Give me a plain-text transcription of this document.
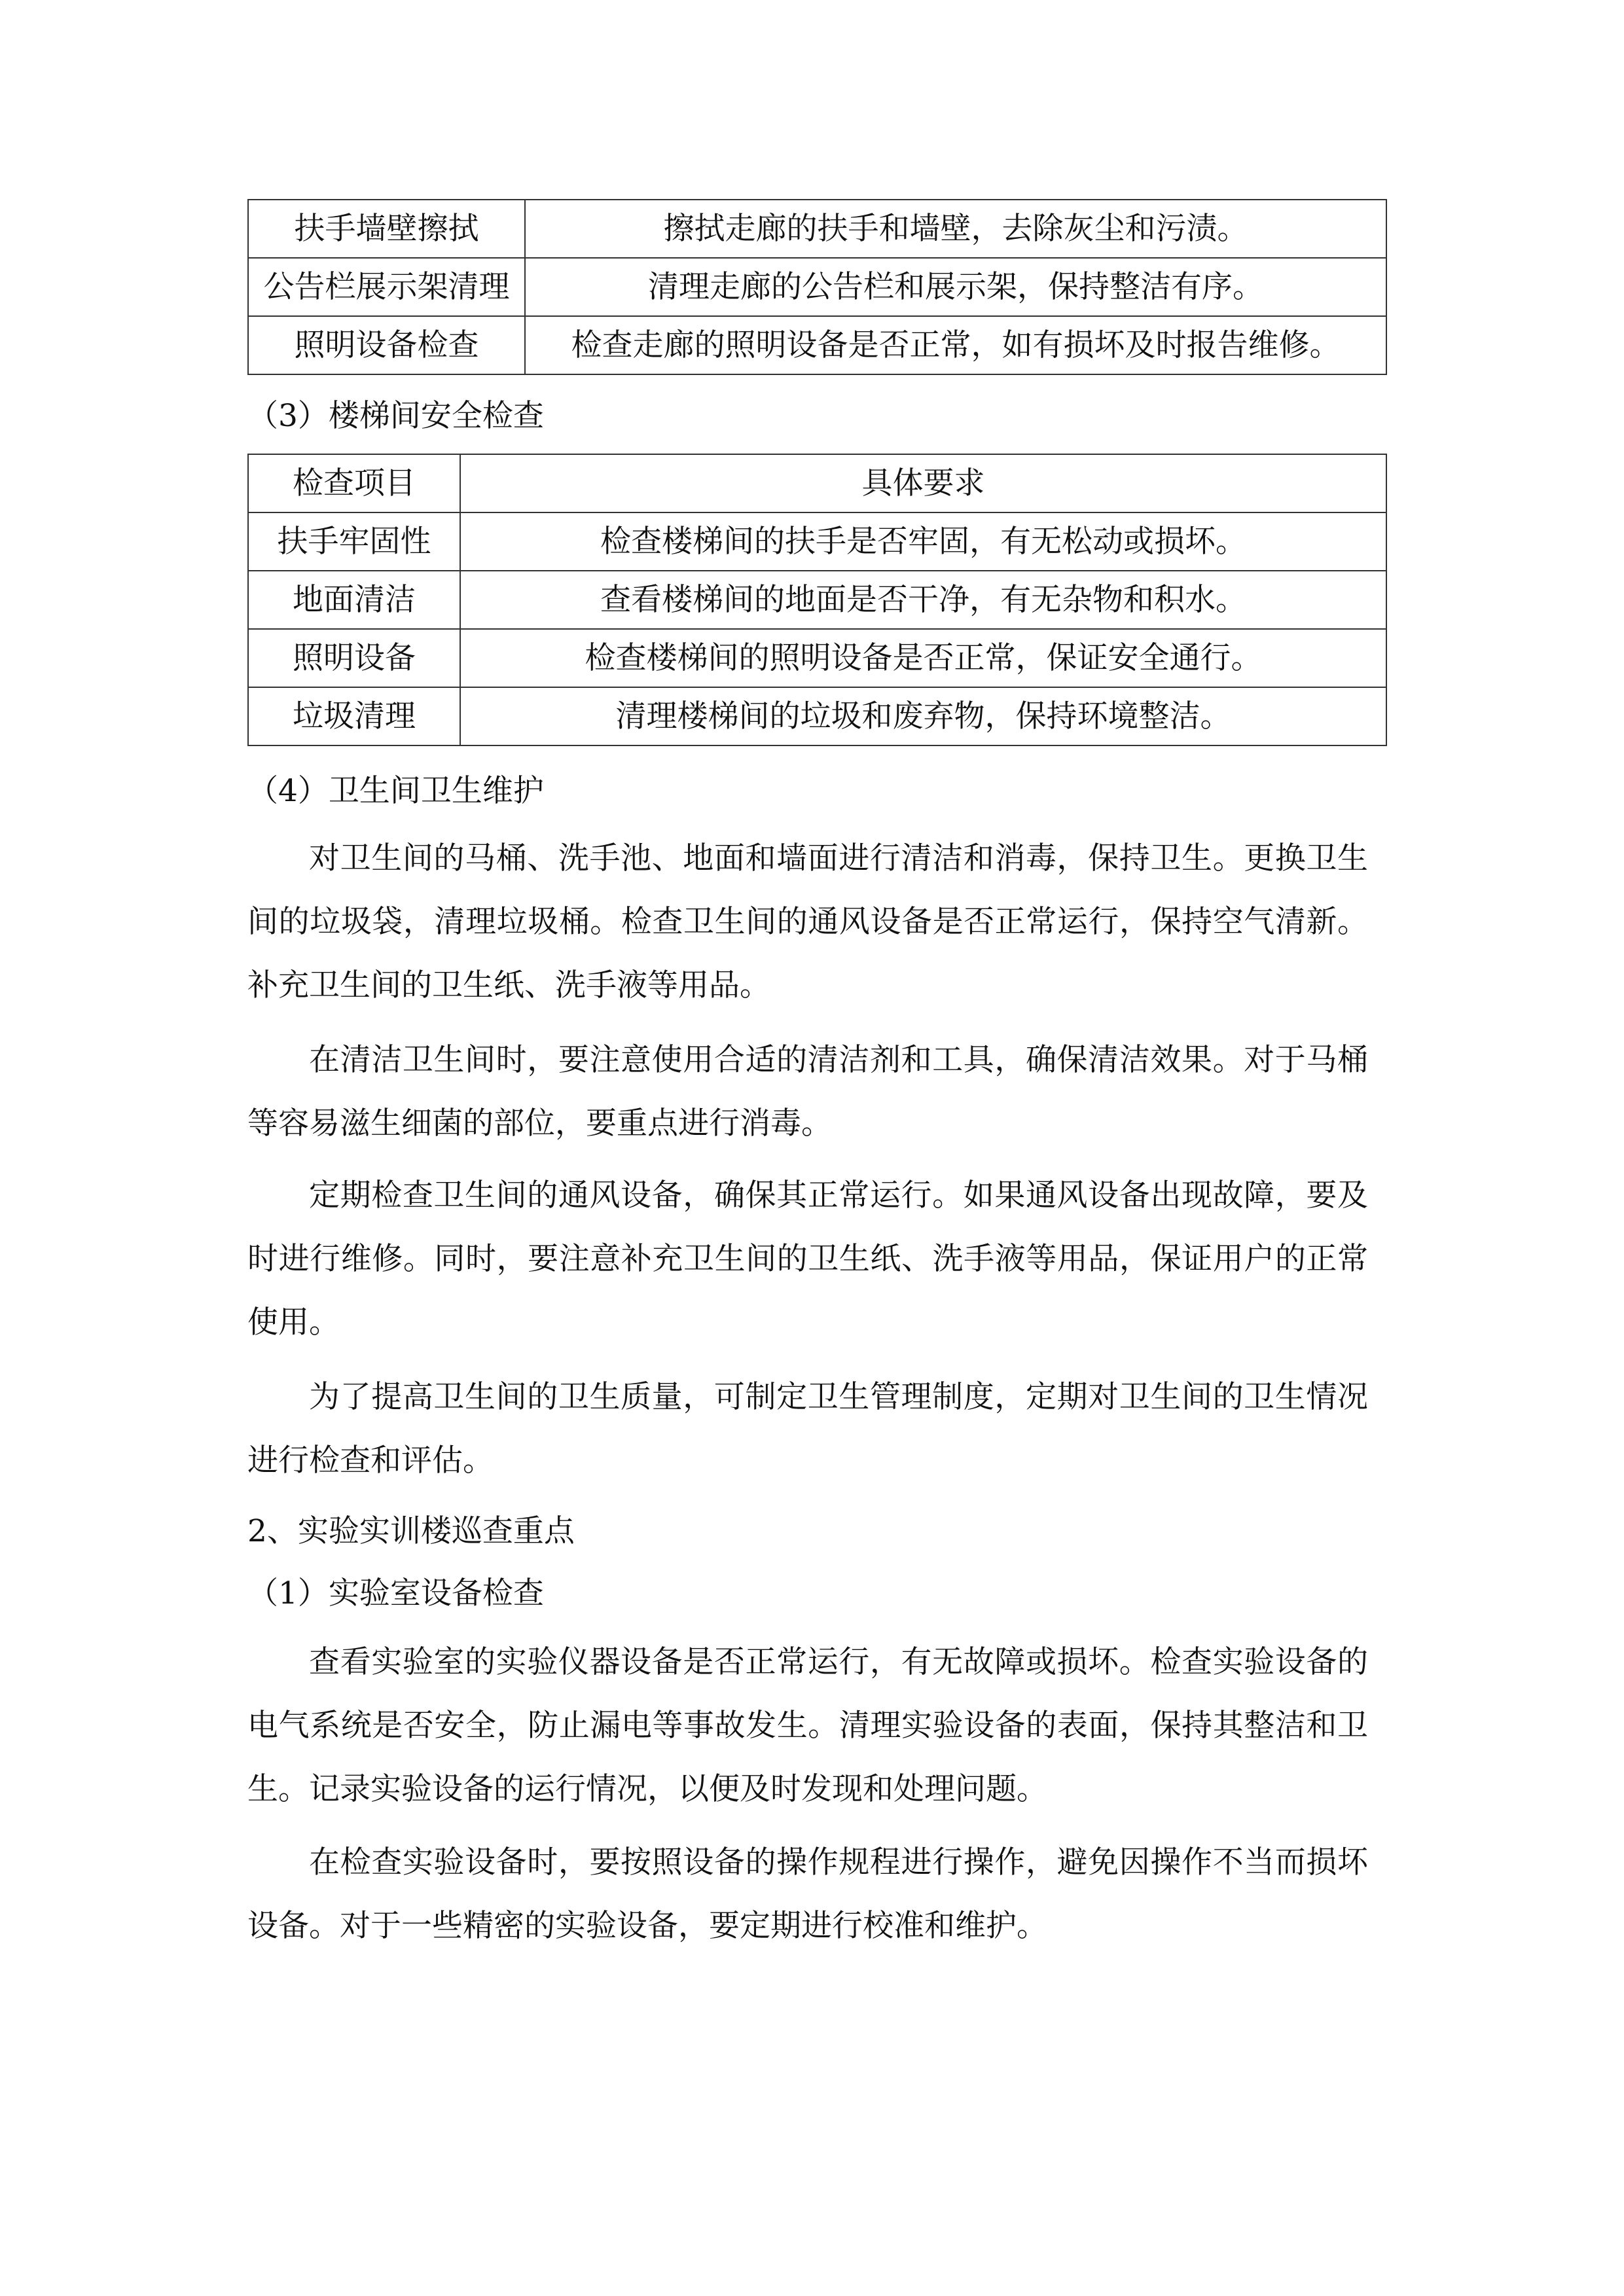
扶手墙壁擦拭	擦拭走廊的扶手和墙壁，去除灰尘和污渍。
公告栏展示架清理	清理走廊的公告栏和展示架，保持整洁有序。
照明设备检查	检查走廊的照明设备是否正常，如有损坏及时报告维修。
（3）楼梯间安全检查
检查项目	具体要求
扶手牢固性	检查楼梯间的扶手是否牢固，有无松动或损坏。
地面清洁	查看楼梯间的地面是否干净，有无杂物和积水。
照明设备	检查楼梯间的照明设备是否正常，保证安全通行。
垃圾清理	清理楼梯间的垃圾和废弃物，保持环境整洁。
（4）卫生间卫生维护

对卫生间的马桶、洗手池、地面和墙面进行清洁和消毒，保持卫生。更换卫生间的垃圾袋，清理垃圾桶。检查卫生间的通风设备是否正常运行，保持空气清新。补充卫生间的卫生纸、洗手液等用品。

在清洁卫生间时，要注意使用合适的清洁剂和工具，确保清洁效果。对于马桶等容易滋生细菌的部位，要重点进行消毒。

定期检查卫生间的通风设备，确保其正常运行。如果通风设备出现故障，要及时进行维修。同时，要注意补充卫生间的卫生纸、洗手液等用品，保证用户的正常使用。

为了提高卫生间的卫生质量，可制定卫生管理制度，定期对卫生间的卫生情况进行检查和评估。

2、实验实训楼巡查重点
（1）实验室设备检查

查看实验室的实验仪器设备是否正常运行，有无故障或损坏。检查实验设备的电气系统是否安全，防止漏电等事故发生。清理实验设备的表面，保持其整洁和卫生。记录实验设备的运行情况，以便及时发现和处理问题。

在检查实验设备时，要按照设备的操作规程进行操作，避免因操作不当而损坏设备。对于一些精密的实验设备，要定期进行校准和维护。
